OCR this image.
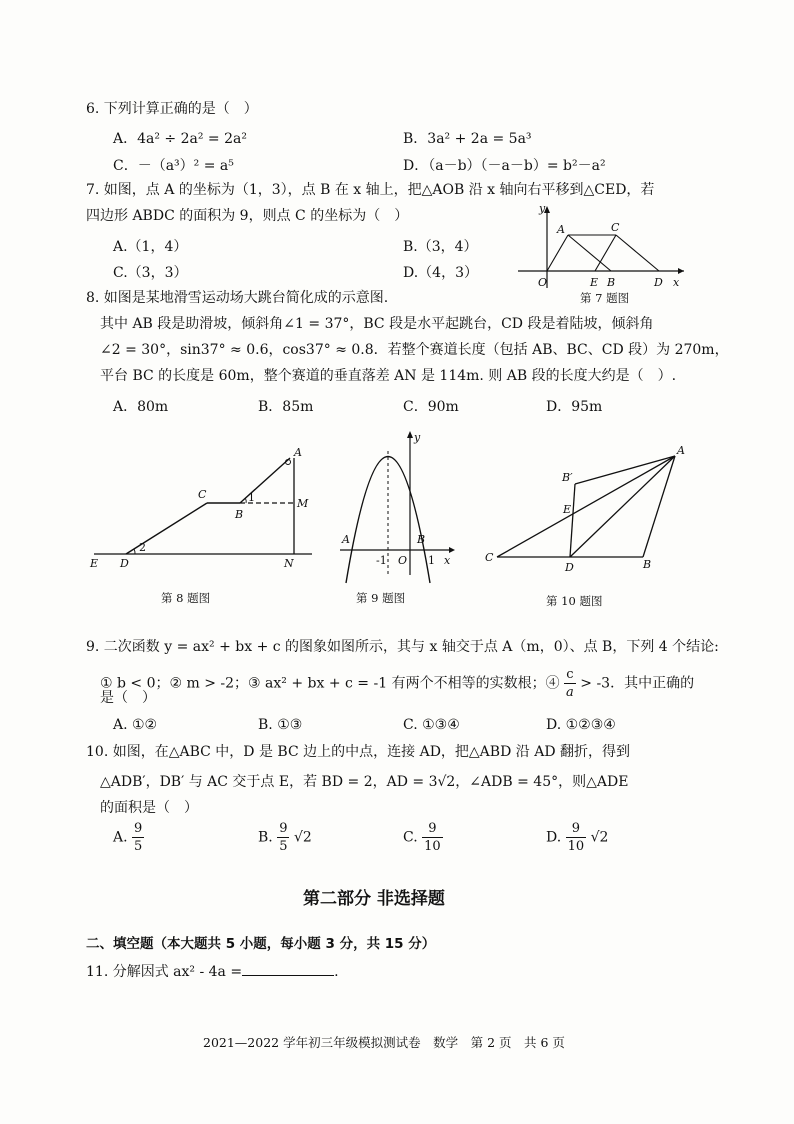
6. 下列计算正确的是（　）
A．4a² ÷ 2a² = 2a²	B．3a² + 2a = 5a³
C．－（a³）² = a⁵	D．（a－b）（－a－b）= b²－a²
7. 如图，点 A 的坐标为（1，3），点 B 在 x 轴上，把△AOB 沿 x 轴向右平移到△CED，若
四边形 ABDC 的面积为 9，则点 C 的坐标为（　）
A.（1，4）	B.（3，4）
C.（3，3）	D.（4，3）
y
A	C
O	E B	D x
第 7 题图
8. 如图是某地滑雪运动场大跳台简化成的示意图.
其中 AB 段是助滑坡，倾斜角∠1 = 37°，BC 段是水平起跳台，CD 段是着陆坡，倾斜角
∠2 = 30°，sin37° ≈ 0.6，cos37° ≈ 0.8．若整个赛道长度（包括 AB、BC、CD 段）为 270m，
平台 BC 的长度是 60m，整个赛道的垂直落差 AN 是 114m. 则 AB 段的长度大约是（　）.
A．80m	B．85m	C．90m	D．95m
A
C	1
B
M
2
E D	N
第 8 题图
y
A
-1 O
B
1 x
第 9 题图
A
B′
E
C
D	B
第 10 题图
9. 二次函数 y = ax² + bx + c 的图象如图所示，其与 x 轴交于点 A（m，0）、点 B，下列 4 个结论:
① b < 0；② m > -2；③ ax² + bx + c = -1 有两个不相等的实数根；④ $\frac{c}{a} > -3$．其中正确的
是（　）
A. ①②	B. ①③	C. ①③④	D. ①②③④
10. 如图，在△ABC 中，D 是 BC 边上的中点，连接 AD，把△ABD 沿 AD 翻折，得到
△ADB′，DB′ 与 AC 交于点 E，若 BD = 2，AD = 3√2，∠ADB = 45°，则△ADE
的面积是（　）
A. $\frac{9}{5}$	B. $\frac{9}{5} √2$	C. $\frac{9}{10}$	D. $\frac{9}{10} √2$
第二部分 非选择题
二、填空题（本大题共 5 小题，每小题 3 分，共 15 分）
11. 分解因式 ax² - 4a =	.
2021—2022 学年初三年级模拟测试卷　数学　第 2 页　共 6 页
